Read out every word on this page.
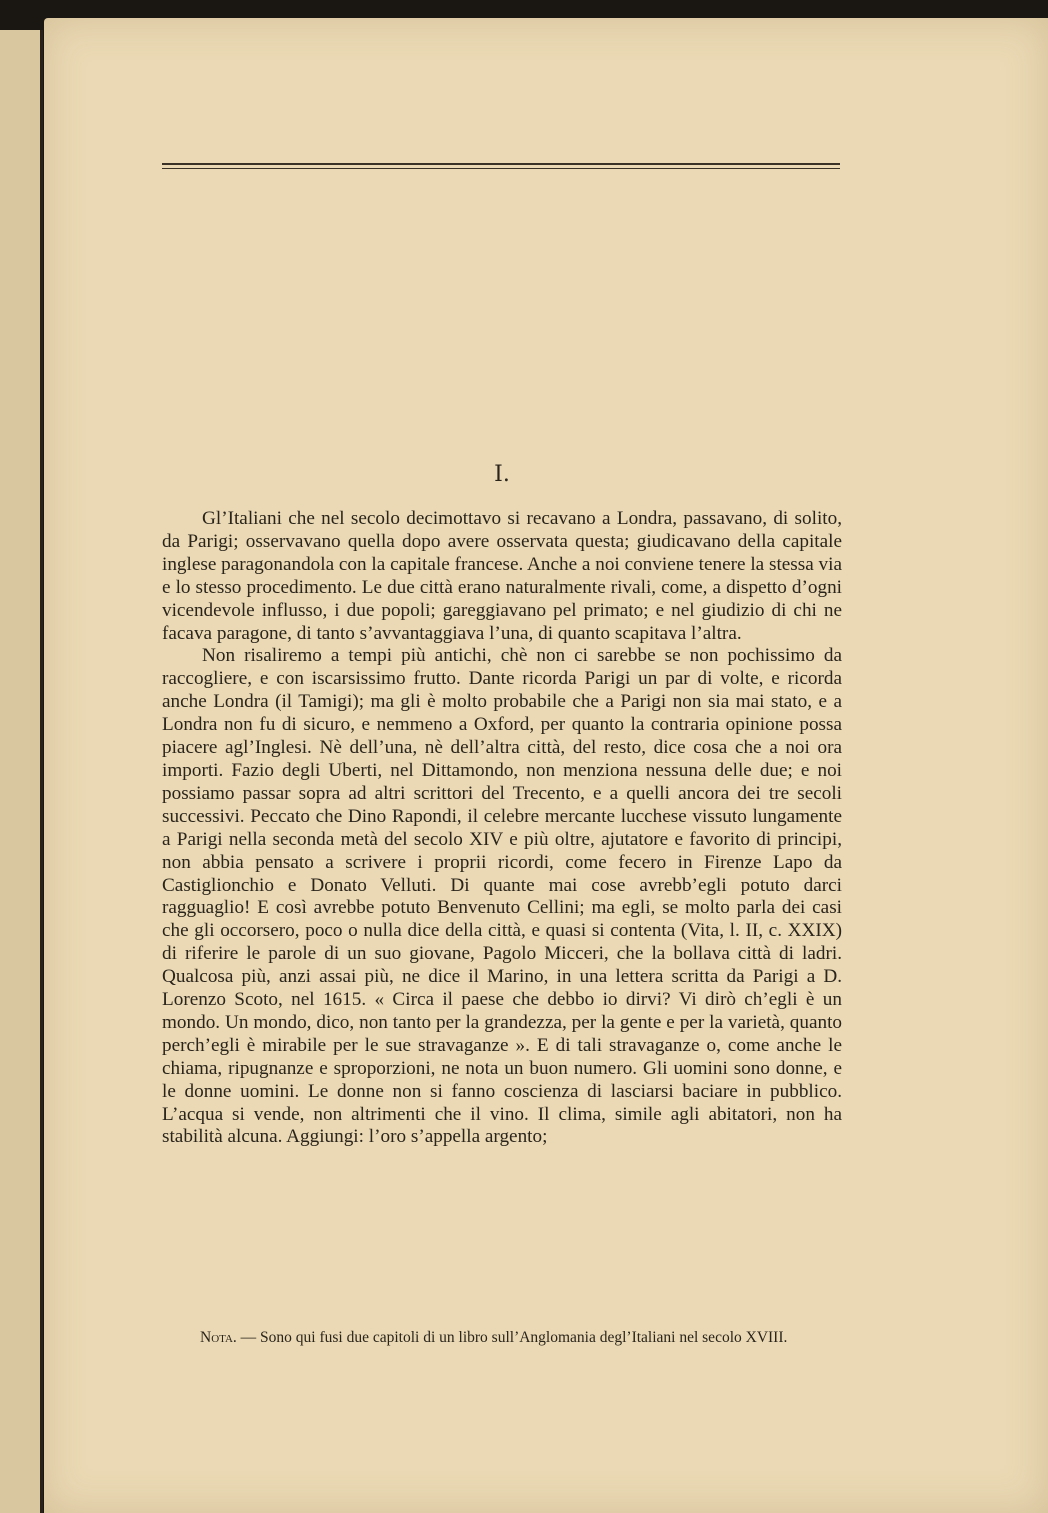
I.

Gl’Italiani che nel secolo decimottavo si recavano a Londra, passavano, di solito, da Parigi; osservavano quella dopo avere osservata questa; giudicavano della capitale inglese paragonandola con la capitale francese. Anche a noi conviene tenere la stessa via e lo stesso procedimento. Le due città erano naturalmente rivali, come, a dispetto d’ogni vicendevole influsso, i due popoli; gareggiavano pel primato; e nel giudizio di chi ne facava paragone, di tanto s’avvantaggiava l’una, di quanto scapitava l’altra.

Non risaliremo a tempi più antichi, chè non ci sarebbe se non pochissimo da raccogliere, e con iscarsissimo frutto. Dante ricorda Parigi un par di volte, e ricorda anche Londra (il Tamigi); ma gli è molto probabile che a Parigi non sia mai stato, e a Londra non fu di sicuro, e nemmeno a Oxford, per quanto la contraria opinione possa piacere agl’Inglesi. Nè dell’una, nè dell’altra città, del resto, dice cosa che a noi ora importi. Fazio degli Uberti, nel Dittamondo, non menziona nessuna delle due; e noi possiamo passar sopra ad altri scrittori del Trecento, e a quelli ancora dei tre secoli successivi. Peccato che Dino Rapondi, il celebre mercante lucchese vissuto lungamente a Parigi nella seconda metà del secolo XIV e più oltre, ajutatore e favorito di principi, non abbia pensato a scrivere i proprii ricordi, come fecero in Firenze Lapo da Castiglionchio e Donato Velluti. Di quante mai cose avrebb’egli potuto darci ragguaglio! E così avrebbe potuto Benvenuto Cellini; ma egli, se molto parla dei casi che gli occorsero, poco o nulla dice della città, e quasi si contenta (Vita, l. II, c. XXIX) di riferire le parole di un suo giovane, Pagolo Micceri, che la bollava città di ladri. Qualcosa più, anzi assai più, ne dice il Marino, in una lettera scritta da Parigi a D. Lorenzo Scoto, nel 1615. « Circa il paese che debbo io dirvi? Vi dirò ch’egli è un mondo. Un mondo, dico, non tanto per la grandezza, per la gente e per la varietà, quanto perch’egli è mirabile per le sue stravaganze ». E di tali stravaganze o, come anche le chiama, ripugnanze e sproporzioni, ne nota un buon numero. Gli uomini sono donne, e le donne uomini. Le donne non si fanno coscienza di lasciarsi baciare in pubblico. L’acqua si vende, non altrimenti che il vino. Il clima, simile agli abitatori, non ha stabilità alcuna. Aggiungi: l’oro s’appella argento;

Nota. — Sono qui fusi due capitoli di un libro sull’Anglomania degl’Italiani nel secolo XVIII.
